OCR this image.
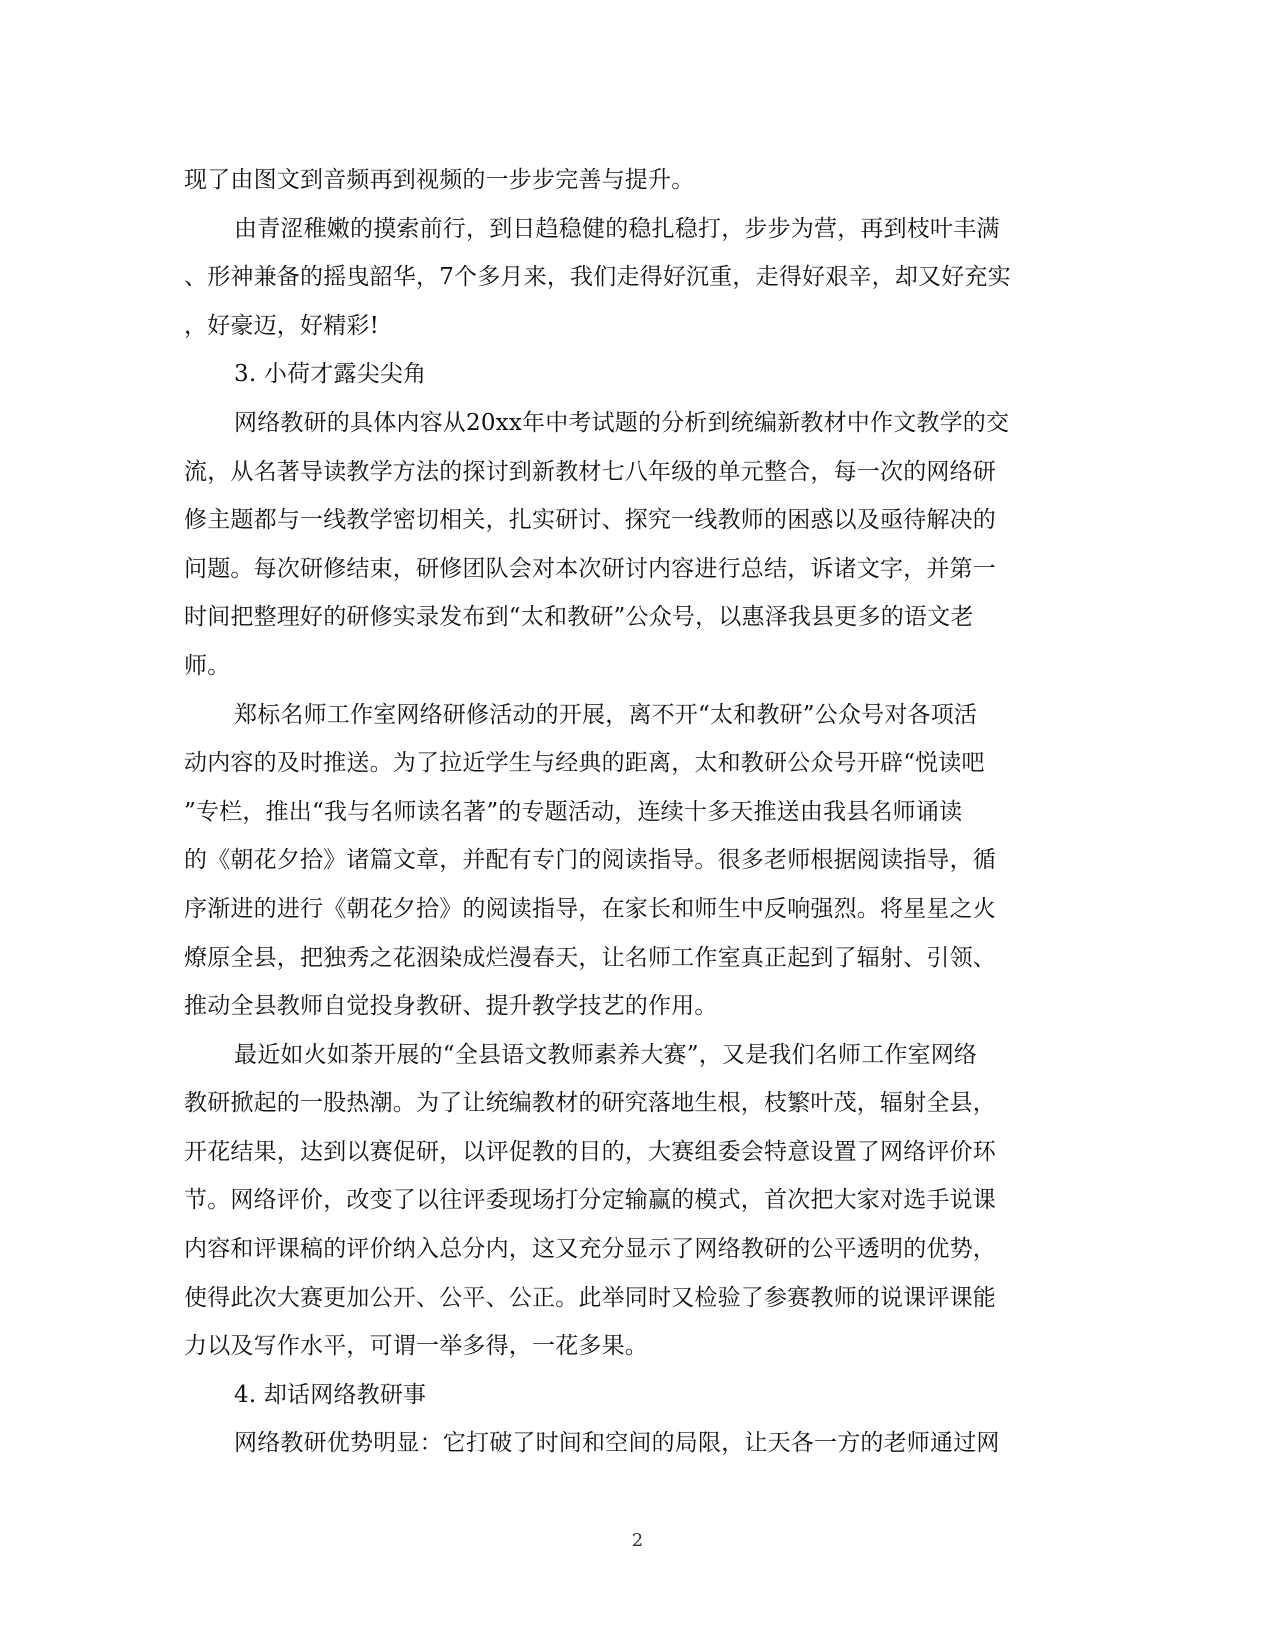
现了由图文到音频再到视频的一步步完善与提升。
由青涩稚嫩的摸索前行，到日趋稳健的稳扎稳打，步步为营，再到枝叶丰满
、形神兼备的摇曳韶华，7个多月来，我们走得好沉重，走得好艰辛，却又好充实
，好豪迈，好精彩!
3. 小荷才露尖尖角
网络教研的具体内容从20xx年中考试题的分析到统编新教材中作文教学的交
流，从名著导读教学方法的探讨到新教材七八年级的单元整合，每一次的网络研
修主题都与一线教学密切相关，扎实研讨、探究一线教师的困惑以及亟待解决的
问题。每次研修结束，研修团队会对本次研讨内容进行总结，诉诸文字，并第一
时间把整理好的研修实录发布到“太和教研”公众号，以惠泽我县更多的语文老
师。
郑标名师工作室网络研修活动的开展，离不开“太和教研”公众号对各项活
动内容的及时推送。为了拉近学生与经典的距离，太和教研公众号开辟“悦读吧
”专栏，推出“我与名师读名著”的专题活动，连续十多天推送由我县名师诵读
的《朝花夕拾》诸篇文章，并配有专门的阅读指导。很多老师根据阅读指导，循
序渐进的进行《朝花夕拾》的阅读指导，在家长和师生中反响强烈。将星星之火
燎原全县，把独秀之花洇染成烂漫春天，让名师工作室真正起到了辐射、引领、
推动全县教师自觉投身教研、提升教学技艺的作用。
最近如火如荼开展的“全县语文教师素养大赛”，又是我们名师工作室网络
教研掀起的一股热潮。为了让统编教材的研究落地生根，枝繁叶茂，辐射全县，
开花结果，达到以赛促研，以评促教的目的，大赛组委会特意设置了网络评价环
节。网络评价，改变了以往评委现场打分定输赢的模式，首次把大家对选手说课
内容和评课稿的评价纳入总分内，这又充分显示了网络教研的公平透明的优势，
使得此次大赛更加公开、公平、公正。此举同时又检验了参赛教师的说课评课能
力以及写作水平，可谓一举多得，一花多果。
4. 却话网络教研事
网络教研优势明显：它打破了时间和空间的局限，让天各一方的老师通过网
2
